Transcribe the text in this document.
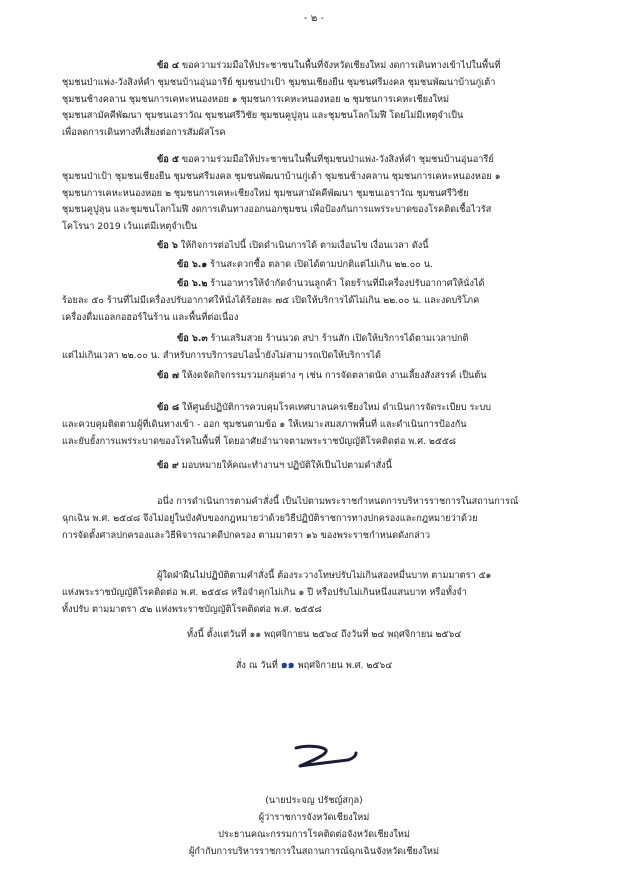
- ๒ -
ข้อ ๔ ขอความร่วมมือให้ประชาชนในพื้นที่จังหวัดเชียงใหม่ งดการเดินทางเข้าไปในพื้นที่
ชุมชนป่าแพ่ง-วังสิงห์คำ ชุมชนบ้านอุ่นอารีย์ ชุมชนป่าเป้า ชุมชนเชียงยืน ชุมชนศรีมงคล ชุมชนพัฒนาบ้านกู่เต้า
ชุมชนช้างคลาน ชุมชนการเคหะหนองหอย ๑ ชุมชนการเคหะหนองหอย ๒ ชุมชนการเคหะเชียงใหม่
ชุมชนสามัคคีพัฒนา ชุมชนเอราวัณ ชุมชนศรีวิชัย ชุมชนคูปูลุน และชุมชนโลกโมฬี โดยไม่มีเหตุจำเป็น
เพื่อลดการเดินทางที่เสี่ยงต่อการสัมผัสโรค
ข้อ ๕ ขอความร่วมมือให้ประชาชนในพื้นที่ชุมชนป่าแพ่ง-วังสิงห์คำ ชุมชนบ้านอุ่นอารีย์
ชุมชนป่าเป้า ชุมชนเชียงยืน ชุมชนศรีมงคล ชุมชนพัฒนาบ้านกู่เต้า ชุมชนช้างคลาน ชุมชนการเคหะหนองหอย ๑
ชุมชนการเคหะหนองหอย ๒ ชุมชนการเคหะเชียงใหม่ ชุมชนสามัคคีพัฒนา ชุมชนเอราวัณ ชุมชนศรีวิชัย
ชุมชนคูปูลุน และชุมชนโลกโมฬี งดการเดินทางออกนอกชุมชน เพื่อป้องกันการแพร่ระบาดของโรคติดเชื้อไวรัส
โคโรนา 2019 เว้นแต่มีเหตุจำเป็น
ข้อ ๖ ให้กิจการต่อไปนี้ เปิดดำเนินการได้ ตามเงื่อนไข เงื่อนเวลา ดังนี้
ข้อ ๖.๑ ร้านสะดวกซื้อ ตลาด เปิดได้ตามปกติแต่ไม่เกิน ๒๒.๐๐ น.
ข้อ ๖.๒ ร้านอาหารให้จำกัดจำนวนลูกค้า โดยร้านที่มีเครื่องปรับอากาศให้นั่งได้
ร้อยละ ๕๐ ร้านที่ไม่มีเครื่องปรับอากาศให้นั่งได้ร้อยละ ๗๕ เปิดให้บริการได้ไม่เกิน ๒๒.๐๐ น. และงดบริโภค
เครื่องดื่มแอลกอฮอร์ในร้าน และพื้นที่ต่อเนื่อง
ข้อ ๖.๓ ร้านเสริมสวย ร้านนวด สปา ร้านสัก เปิดให้บริการได้ตามเวลาปกติ
แต่ไม่เกินเวลา ๒๒.๐๐ น. สำหรับการบริการอบไอน้ำยังไม่สามารถเปิดให้บริการได้
ข้อ ๗ ให้งดจัดกิจกรรมรวมกลุ่มต่าง ๆ เช่น การจัดตลาดนัด งานเลี้ยงสังสรรค์ เป็นต้น
ข้อ ๘ ให้ศูนย์ปฏิบัติการควบคุมโรคเทศบาลนครเชียงใหม่ ดำเนินการจัดระเบียบ ระบบ
และควบคุมติดตามผู้ที่เดินทางเข้า - ออก ชุมชนตามข้อ ๑ ให้เหมาะสมสภาพพื้นที่ และดำเนินการป้องกัน
และยับยั้งการแพร่ระบาดของโรคในพื้นที่ โดยอาศัยอำนาจตามพระราชบัญญัติโรคติดต่อ พ.ศ. ๒๕๕๘
ข้อ ๙ มอบหมายให้คณะทำงานฯ ปฏิบัติให้เป็นไปตามคำสั่งนี้
อนึ่ง การดำเนินการตามคำสั่งนี้ เป็นไปตามพระราชกำหนดการบริหารราชการในสถานการณ์
ฉุกเฉิน พ.ศ. ๒๕๔๘ จึงไม่อยู่ในบังคับของกฎหมายว่าด้วยวิธีปฏิบัติราชการทางปกครองและกฎหมายว่าด้วย
การจัดตั้งศาลปกครองและวิธีพิจารณาคดีปกครอง ตามมาตรา ๑๖ ของพระราชกำหนดดังกล่าว
ผู้ใดฝ่าฝืนไม่ปฏิบัติตามคำสั่งนี้ ต้องระวางโทษปรับไม่เกินสองหมื่นบาท ตามมาตรา ๕๑
แห่งพระราชบัญญัติโรคติดต่อ พ.ศ. ๒๕๕๘ หรือจำคุกไม่เกิน ๑ ปี หรือปรับไม่เกินหนึ่งแสนบาท หรือทั้งจำ
ทั้งปรับ ตามมาตรา ๕๒ แห่งพระราชบัญญัติโรคติดต่อ พ.ศ. ๒๕๕๘
ทั้งนี้ ตั้งแต่วันที่ ๑๑ พฤศจิกายน ๒๕๖๔ ถึงวันที่ ๒๔ พฤศจิกายน ๒๕๖๔
สั่ง ณ วันที่ ๑๑ พฤศจิกายน พ.ศ. ๒๕๖๔
(นายประจญ ปรัชญ์สกุล)
ผู้ว่าราชการจังหวัดเชียงใหม่
ประธานคณะกรรมการโรคติดต่อจังหวัดเชียงใหม่
ผู้กำกับการบริหารราชการในสถานการณ์ฉุกเฉินจังหวัดเชียงใหม่
